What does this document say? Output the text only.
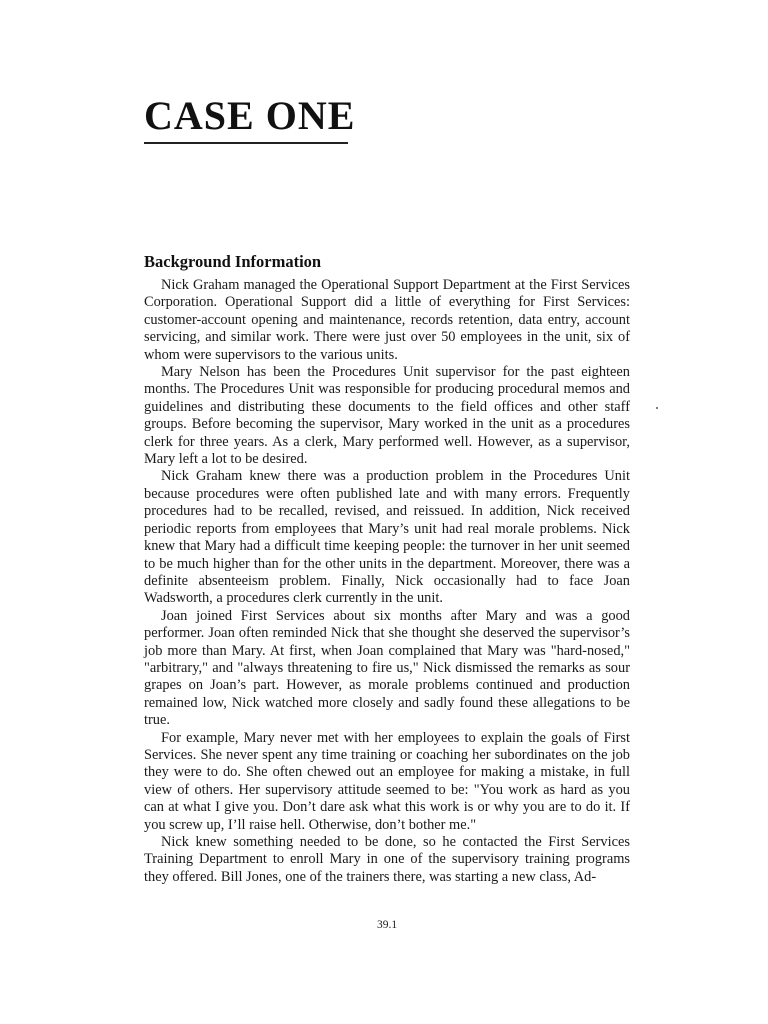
CASE ONE
Background Information

Nick Graham managed the Operational Support Department at the First Services Corporation. Operational Support did a little of everything for First Services: customer-account opening and maintenance, records retention, data entry, account servicing, and similar work. There were just over 50 employees in the unit, six of whom were supervisors to the various units.

Mary Nelson has been the Procedures Unit supervisor for the past eighteen months. The Procedures Unit was responsible for producing procedural memos and guidelines and distributing these documents to the field offices and other staff groups. Before becoming the supervisor, Mary worked in the unit as a procedures clerk for three years. As a clerk, Mary performed well. However, as a supervisor, Mary left a lot to be desired.

Nick Graham knew there was a production problem in the Procedures Unit because procedures were often published late and with many errors. Frequently procedures had to be recalled, revised, and reissued. In addition, Nick received periodic reports from employees that Mary’s unit had real morale problems. Nick knew that Mary had a difficult time keeping people: the turnover in her unit seemed to be much higher than for the other units in the department. Moreover, there was a definite absenteeism problem. Finally, Nick occasionally had to face Joan Wadsworth, a procedures clerk currently in the unit.

Joan joined First Services about six months after Mary and was a good performer. Joan often reminded Nick that she thought she deserved the supervisor’s job more than Mary. At first, when Joan complained that Mary was "hard-nosed," "arbitrary," and "always threatening to fire us," Nick dismissed the remarks as sour grapes on Joan’s part. However, as morale problems continued and production remained low, Nick watched more closely and sadly found these allegations to be true.

For example, Mary never met with her employees to explain the goals of First Services. She never spent any time training or coaching her subordinates on the job they were to do. She often chewed out an employee for making a mistake, in full view of others. Her supervisory attitude seemed to be: "You work as hard as you can at what I give you. Don’t dare ask what this work is or why you are to do it. If you screw up, I’ll raise hell. Otherwise, don’t bother me."

Nick knew something needed to be done, so he contacted the First Services Training Department to enroll Mary in one of the supervisory training programs they offered. Bill Jones, one of the trainers there, was starting a new class, Ad-

39.1
